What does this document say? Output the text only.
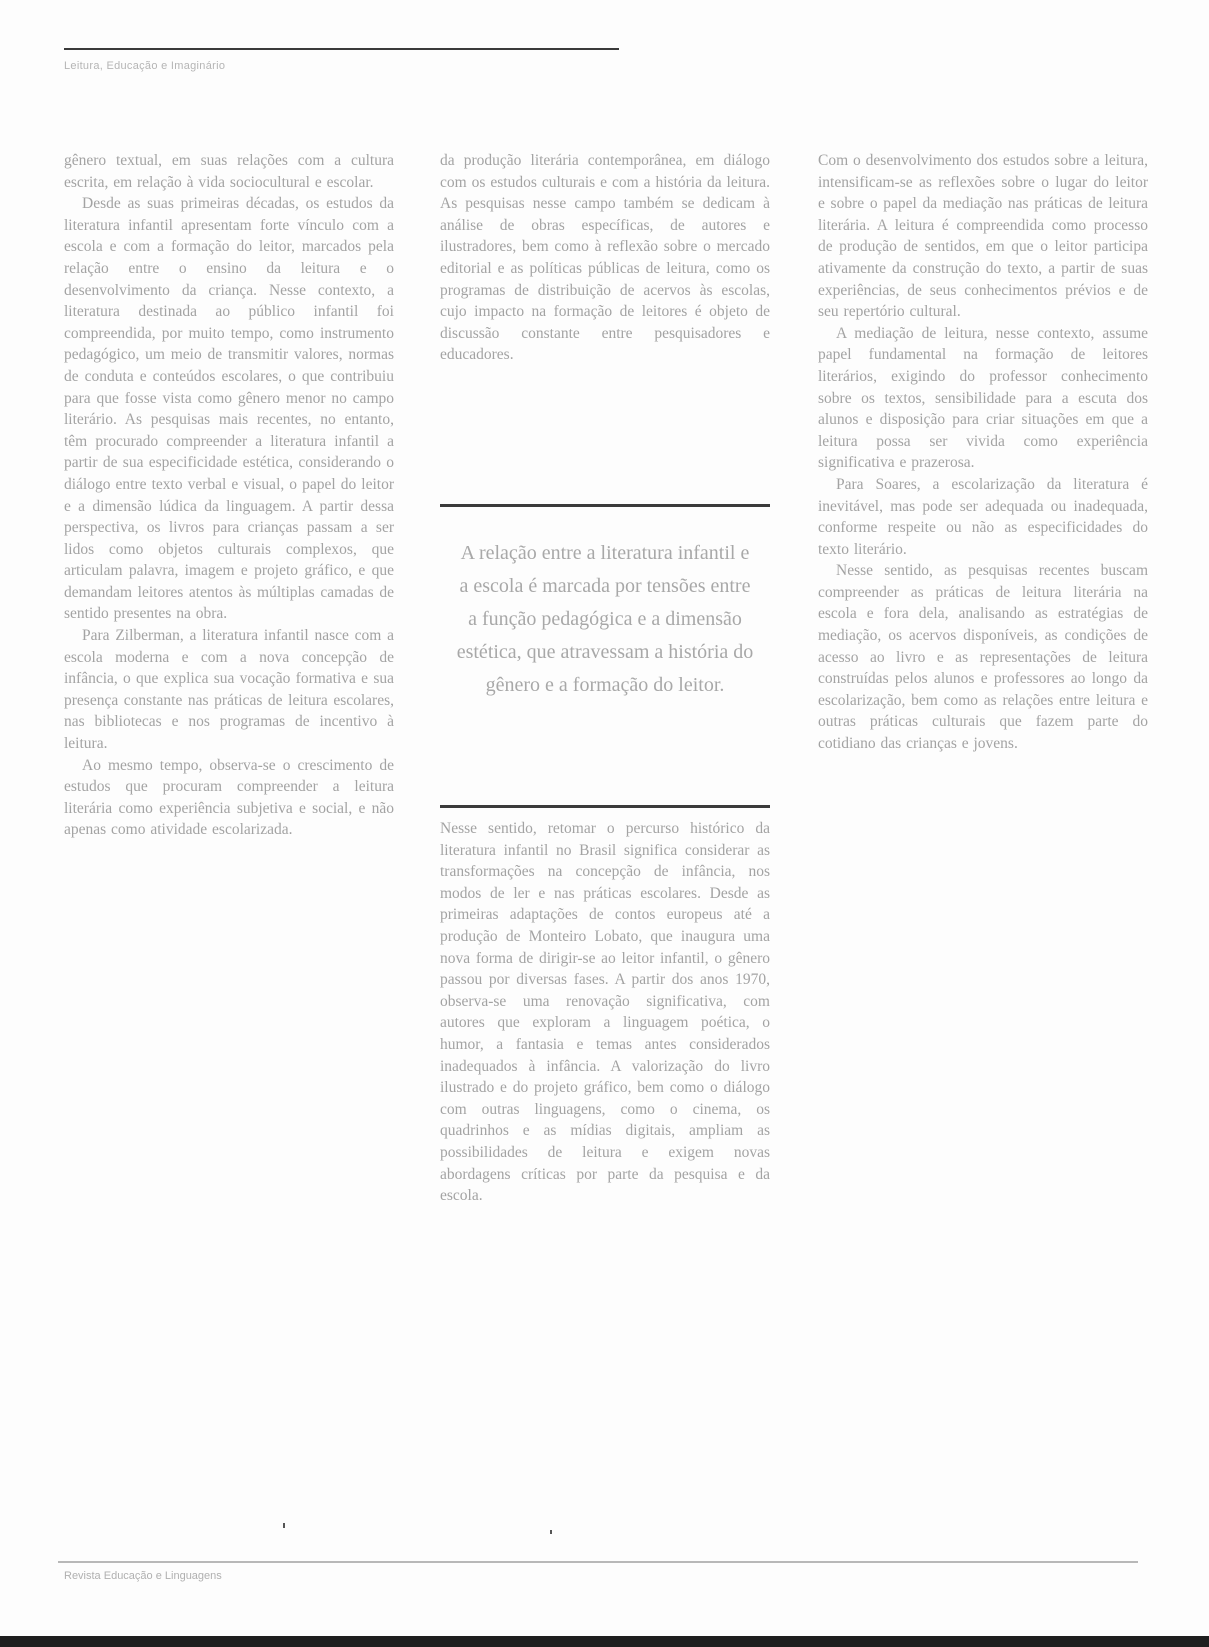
Leitura, Educação e Imaginário

gênero textual, em suas relações com a cultura escrita, em relação à vida sociocultural e escolar.

Desde as suas primeiras décadas, os estudos da literatura infantil apresentam forte vínculo com a escola e com a formação do leitor, marcados pela relação entre o ensino da leitura e o desenvolvimento da criança. Nesse contexto, a literatura destinada ao público infantil foi compreendida, por muito tempo, como instrumento pedagógico, um meio de transmitir valores, normas de conduta e conteúdos escolares, o que contribuiu para que fosse vista como gênero menor no campo literário. As pesquisas mais recentes, no entanto, têm procurado compreender a literatura infantil a partir de sua especificidade estética, considerando o diálogo entre texto verbal e visual, o papel do leitor e a dimensão lúdica da linguagem. A partir dessa perspectiva, os livros para crianças passam a ser lidos como objetos culturais complexos, que articulam palavra, imagem e projeto gráfico, e que demandam leitores atentos às múltiplas camadas de sentido presentes na obra.

Para Zilberman, a literatura infantil nasce com a escola moderna e com a nova concepção de infância, o que explica sua vocação formativa e sua presença constante nas práticas de leitura escolares, nas bibliotecas e nos programas de incentivo à leitura.

Ao mesmo tempo, observa-se o crescimento de estudos que procuram compreender a leitura literária como experiência subjetiva e social, e não apenas como atividade escolarizada.

da produção literária contemporânea, em diálogo com os estudos culturais e com a história da leitura. As pesquisas nesse campo também se dedicam à análise de obras específicas, de autores e ilustradores, bem como à reflexão sobre o mercado editorial e as políticas públicas de leitura, como os programas de distribuição de acervos às escolas, cujo impacto na formação de leitores é objeto de discussão constante entre pesquisadores e educadores.

A relação entre a literatura infantil e a escola é marcada por tensões entre a função pedagógica e a dimensão estética, que atravessam a história do gênero e a formação do leitor.

Nesse sentido, retomar o percurso histórico da literatura infantil no Brasil significa considerar as transformações na concepção de infância, nos modos de ler e nas práticas escolares. Desde as primeiras adaptações de contos europeus até a produção de Monteiro Lobato, que inaugura uma nova forma de dirigir-se ao leitor infantil, o gênero passou por diversas fases. A partir dos anos 1970, observa-se uma renovação significativa, com autores que exploram a linguagem poética, o humor, a fantasia e temas antes considerados inadequados à infância. A valorização do livro ilustrado e do projeto gráfico, bem como o diálogo com outras linguagens, como o cinema, os quadrinhos e as mídias digitais, ampliam as possibilidades de leitura e exigem novas abordagens críticas por parte da pesquisa e da escola.

Com o desenvolvimento dos estudos sobre a leitura, intensificam-se as reflexões sobre o lugar do leitor e sobre o papel da mediação nas práticas de leitura literária. A leitura é compreendida como processo de produção de sentidos, em que o leitor participa ativamente da construção do texto, a partir de suas experiências, de seus conhecimentos prévios e de seu repertório cultural.

A mediação de leitura, nesse contexto, assume papel fundamental na formação de leitores literários, exigindo do professor conhecimento sobre os textos, sensibilidade para a escuta dos alunos e disposição para criar situações em que a leitura possa ser vivida como experiência significativa e prazerosa.

Para Soares, a escolarização da literatura é inevitável, mas pode ser adequada ou inadequada, conforme respeite ou não as especificidades do texto literário.

Nesse sentido, as pesquisas recentes buscam compreender as práticas de leitura literária na escola e fora dela, analisando as estratégias de mediação, os acervos disponíveis, as condições de acesso ao livro e as representações de leitura construídas pelos alunos e professores ao longo da escolarização, bem como as relações entre leitura e outras práticas culturais que fazem parte do cotidiano das crianças e jovens.

Revista Educação e Linguagens
